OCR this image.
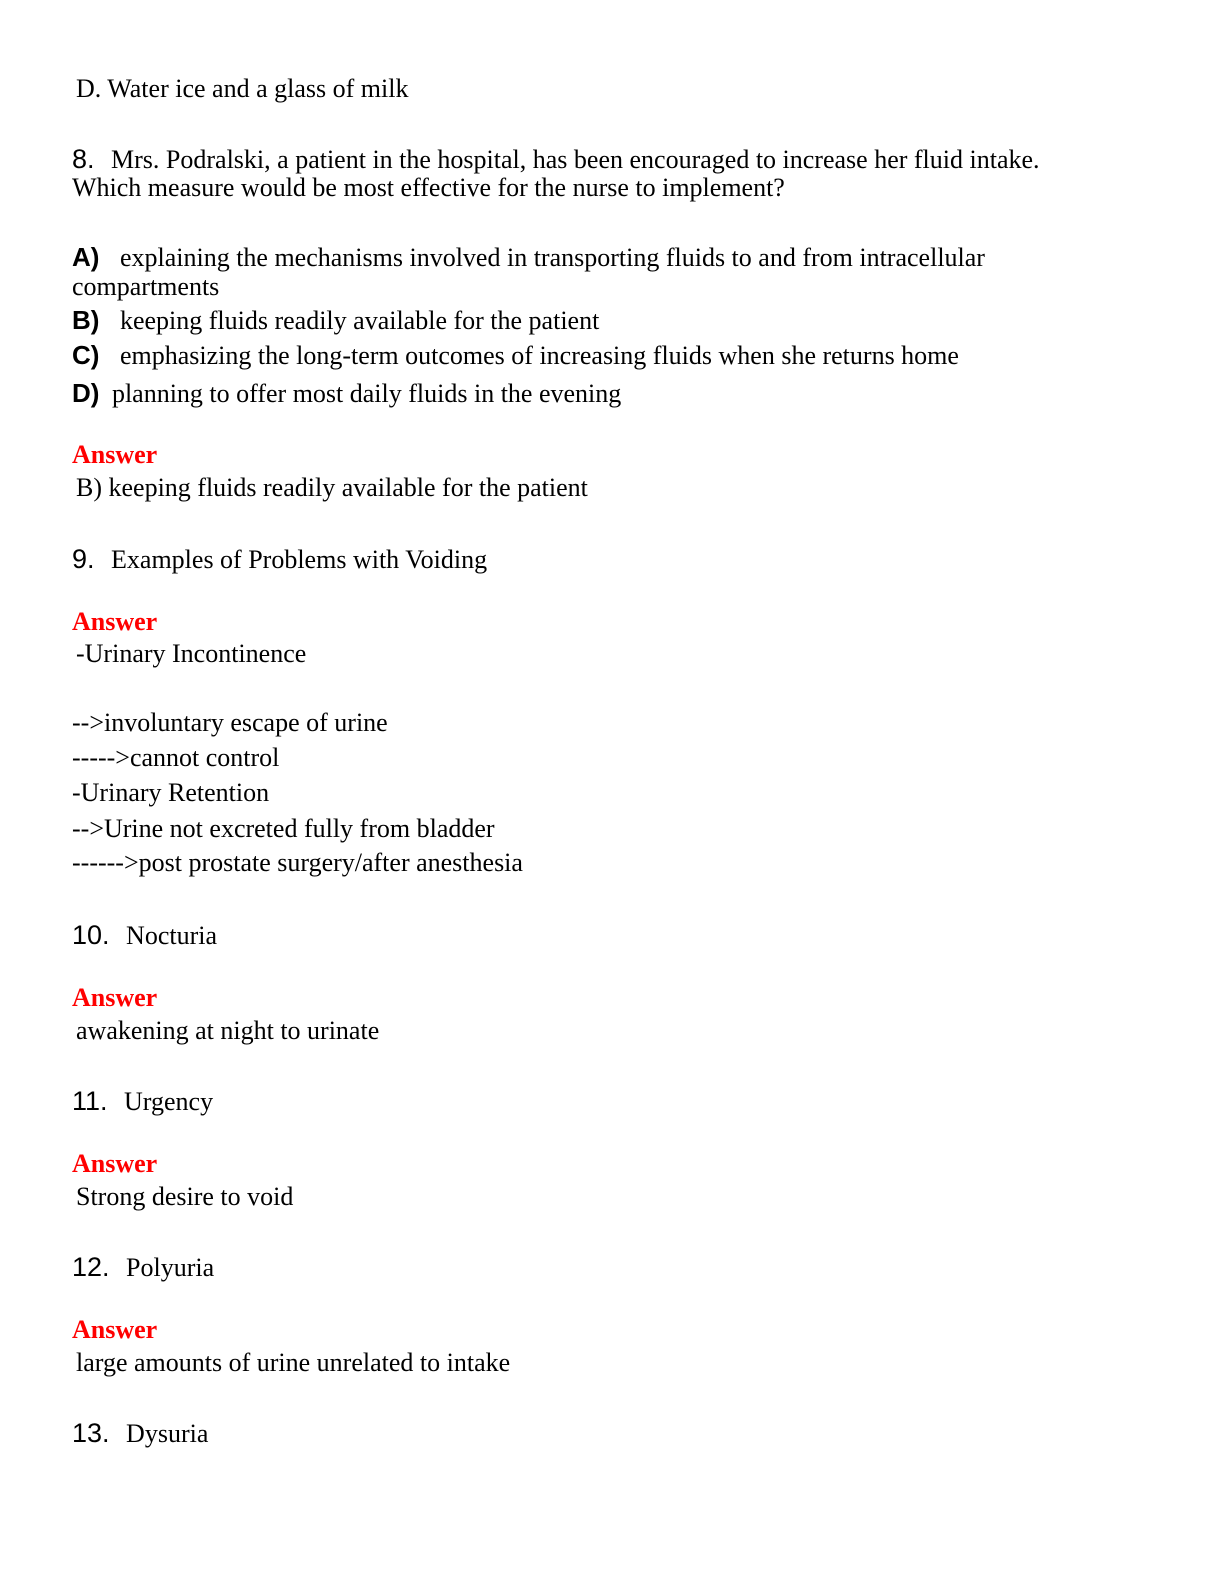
D. Water ice and a glass of milk
8. Mrs. Podralski, a patient in the hospital, has been encouraged to increase her fluid intake.
Which measure would be most effective for the nurse to implement?
A) explaining the mechanisms involved in transporting fluids to and from intracellular
compartments
B) keeping fluids readily available for the patient
C) emphasizing the long-term outcomes of increasing fluids when she returns home
D) planning to offer most daily fluids in the evening
Answer
B) keeping fluids readily available for the patient
9. Examples of Problems with Voiding
Answer
-Urinary Incontinence
-->involuntary escape of urine
----->cannot control
-Urinary Retention
-->Urine not excreted fully from bladder
------>post prostate surgery/after anesthesia
10. Nocturia
Answer
awakening at night to urinate
11. Urgency
Answer
Strong desire to void
12. Polyuria
Answer
large amounts of urine unrelated to intake
13. Dysuria
